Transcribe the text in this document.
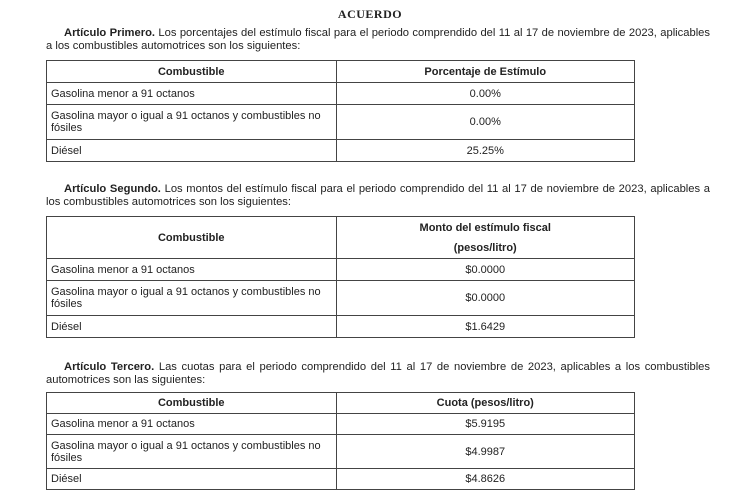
ACUERDO
Artículo Primero. Los porcentajes del estímulo fiscal para el periodo comprendido del 11 al 17 de noviembre de 2023, aplicables a los combustibles automotrices son los siguientes:
Combustible	Porcentaje de Estímulo
Gasolina menor a 91 octanos	0.00%
Gasolina mayor o igual a 91 octanos y combustibles no fósiles	0.00%
Diésel	25.25%
Artículo Segundo. Los montos del estímulo fiscal para el periodo comprendido del 11 al 17 de noviembre de 2023, aplicables a los combustibles automotrices son los siguientes:
Combustible	Monto del estímulo fiscal
(pesos/litro)

Gasolina menor a 91 octanos	$0.0000
Gasolina mayor o igual a 91 octanos y combustibles no fósiles	$0.0000
Diésel	$1.6429
Artículo Tercero. Las cuotas para el periodo comprendido del 11 al 17 de noviembre de 2023, aplicables a los combustibles automotrices son las siguientes:
Combustible	Cuota (pesos/litro)
Gasolina menor a 91 octanos	$5.9195
Gasolina mayor o igual a 91 octanos y combustibles no fósiles	$4.9987
Diésel	$4.8626
